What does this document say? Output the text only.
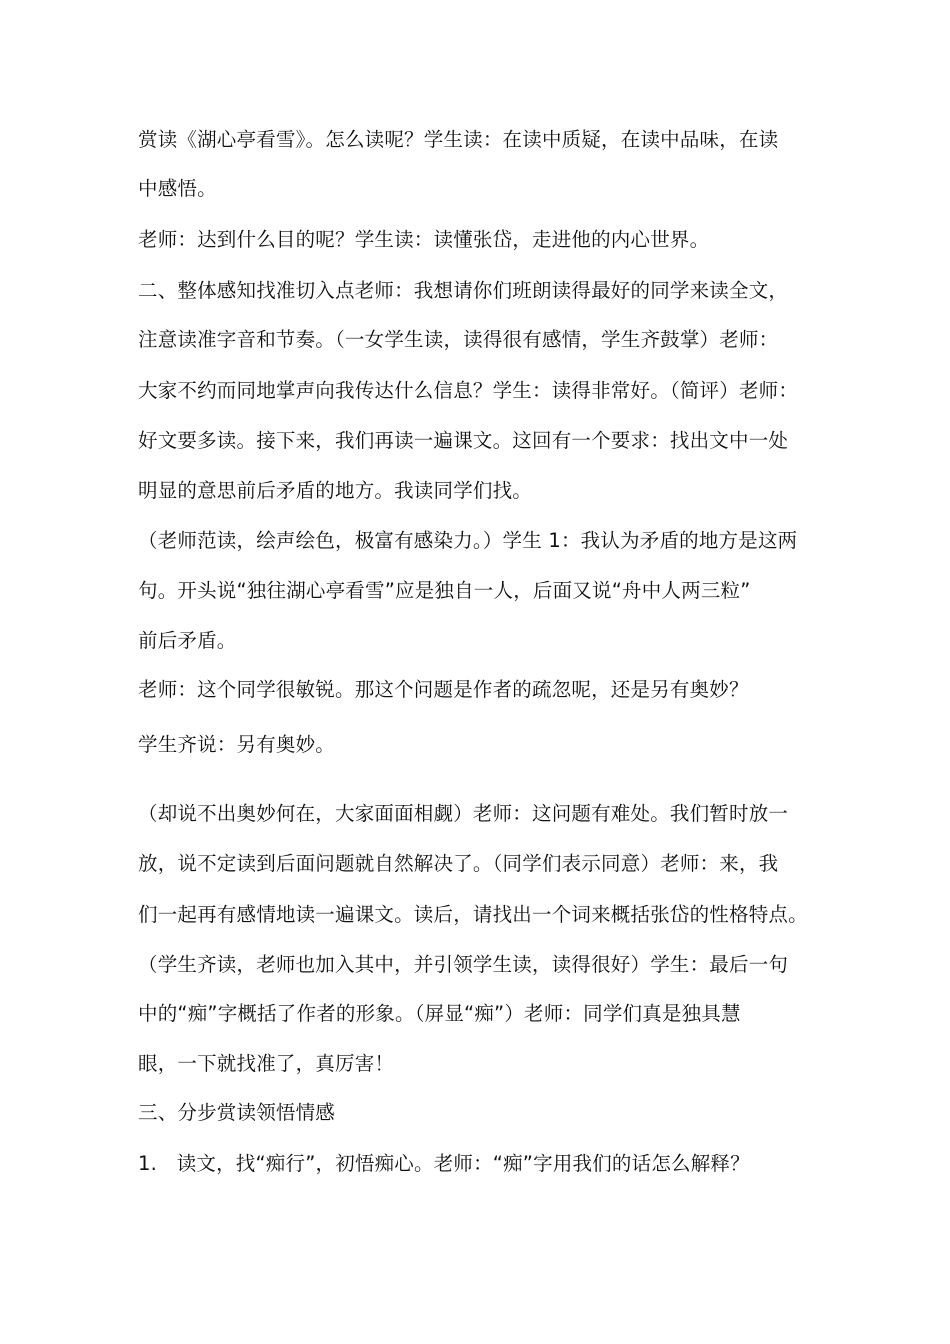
赏读《湖心亭看雪》。怎么读呢？学生读：在读中质疑，在读中品味，在读
中感悟。
老师：达到什么目的呢？学生读：读懂张岱，走进他的内心世界。
二、整体感知找准切入点老师：我想请你们班朗读得最好的同学来读全文，
注意读准字音和节奏。（一女学生读，读得很有感情，学生齐鼓掌）老师：
大家不约而同地掌声向我传达什么信息？学生：读得非常好。（简评）老师：
好文要多读。接下来，我们再读一遍课文。这回有一个要求：找出文中一处
明显的意思前后矛盾的地方。我读同学们找。
（老师范读，绘声绘色，极富有感染力。）学生 1：我认为矛盾的地方是这两
句。开头说“独往湖心亭看雪”应是独自一人，后面又说“舟中人两三粒”
前后矛盾。
老师：这个同学很敏锐。那这个问题是作者的疏忽呢，还是另有奥妙？
学生齐说：另有奥妙。
（却说不出奥妙何在，大家面面相觑）老师：这问题有难处。我们暂时放一
放，说不定读到后面问题就自然解决了。（同学们表示同意）老师：来，我
们一起再有感情地读一遍课文。读后，请找出一个词来概括张岱的性格特点。
（学生齐读，老师也加入其中，并引领学生读，读得很好）学生：最后一句
中的“痴”字概括了作者的形象。（屏显“痴”）老师：同学们真是独具慧
眼，一下就找准了，真厉害！
三、分步赏读领悟情感
1.　读文，找“痴行”，初悟痴心。老师：“痴”字用我们的话怎么解释？
